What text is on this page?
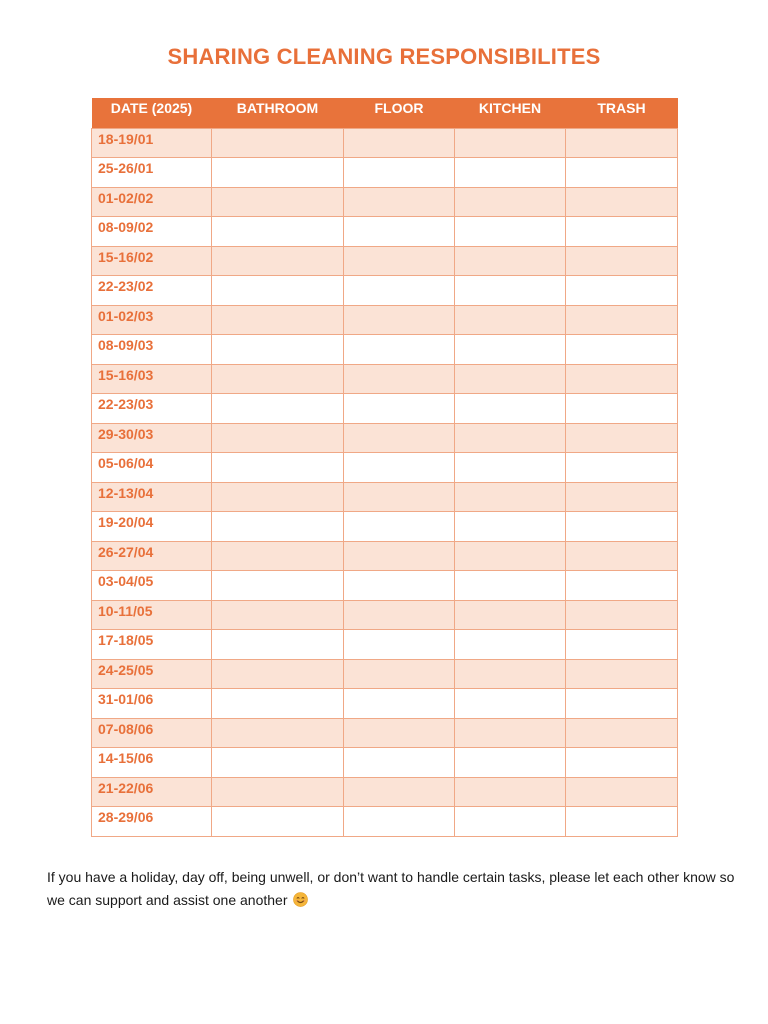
SHARING CLEANING RESPONSIBILITES
DATE (2025)	BATHROOM	FLOOR	KITCHEN	TRASH
18-19/01				
25-26/01				
01-02/02				
08-09/02				
15-16/02				
22-23/02				
01-02/03				
08-09/03				
15-16/03				
22-23/03				
29-30/03				
05-06/04				
12-13/04				
19-20/04				
26-27/04				
03-04/05				
10-11/05				
17-18/05				
24-25/05				
31-01/06				
07-08/06				
14-15/06				
21-22/06				
28-29/06				

If you have a holiday, day off, being unwell, or don’t want to handle certain tasks, please let each other know so we can support and assist one another
